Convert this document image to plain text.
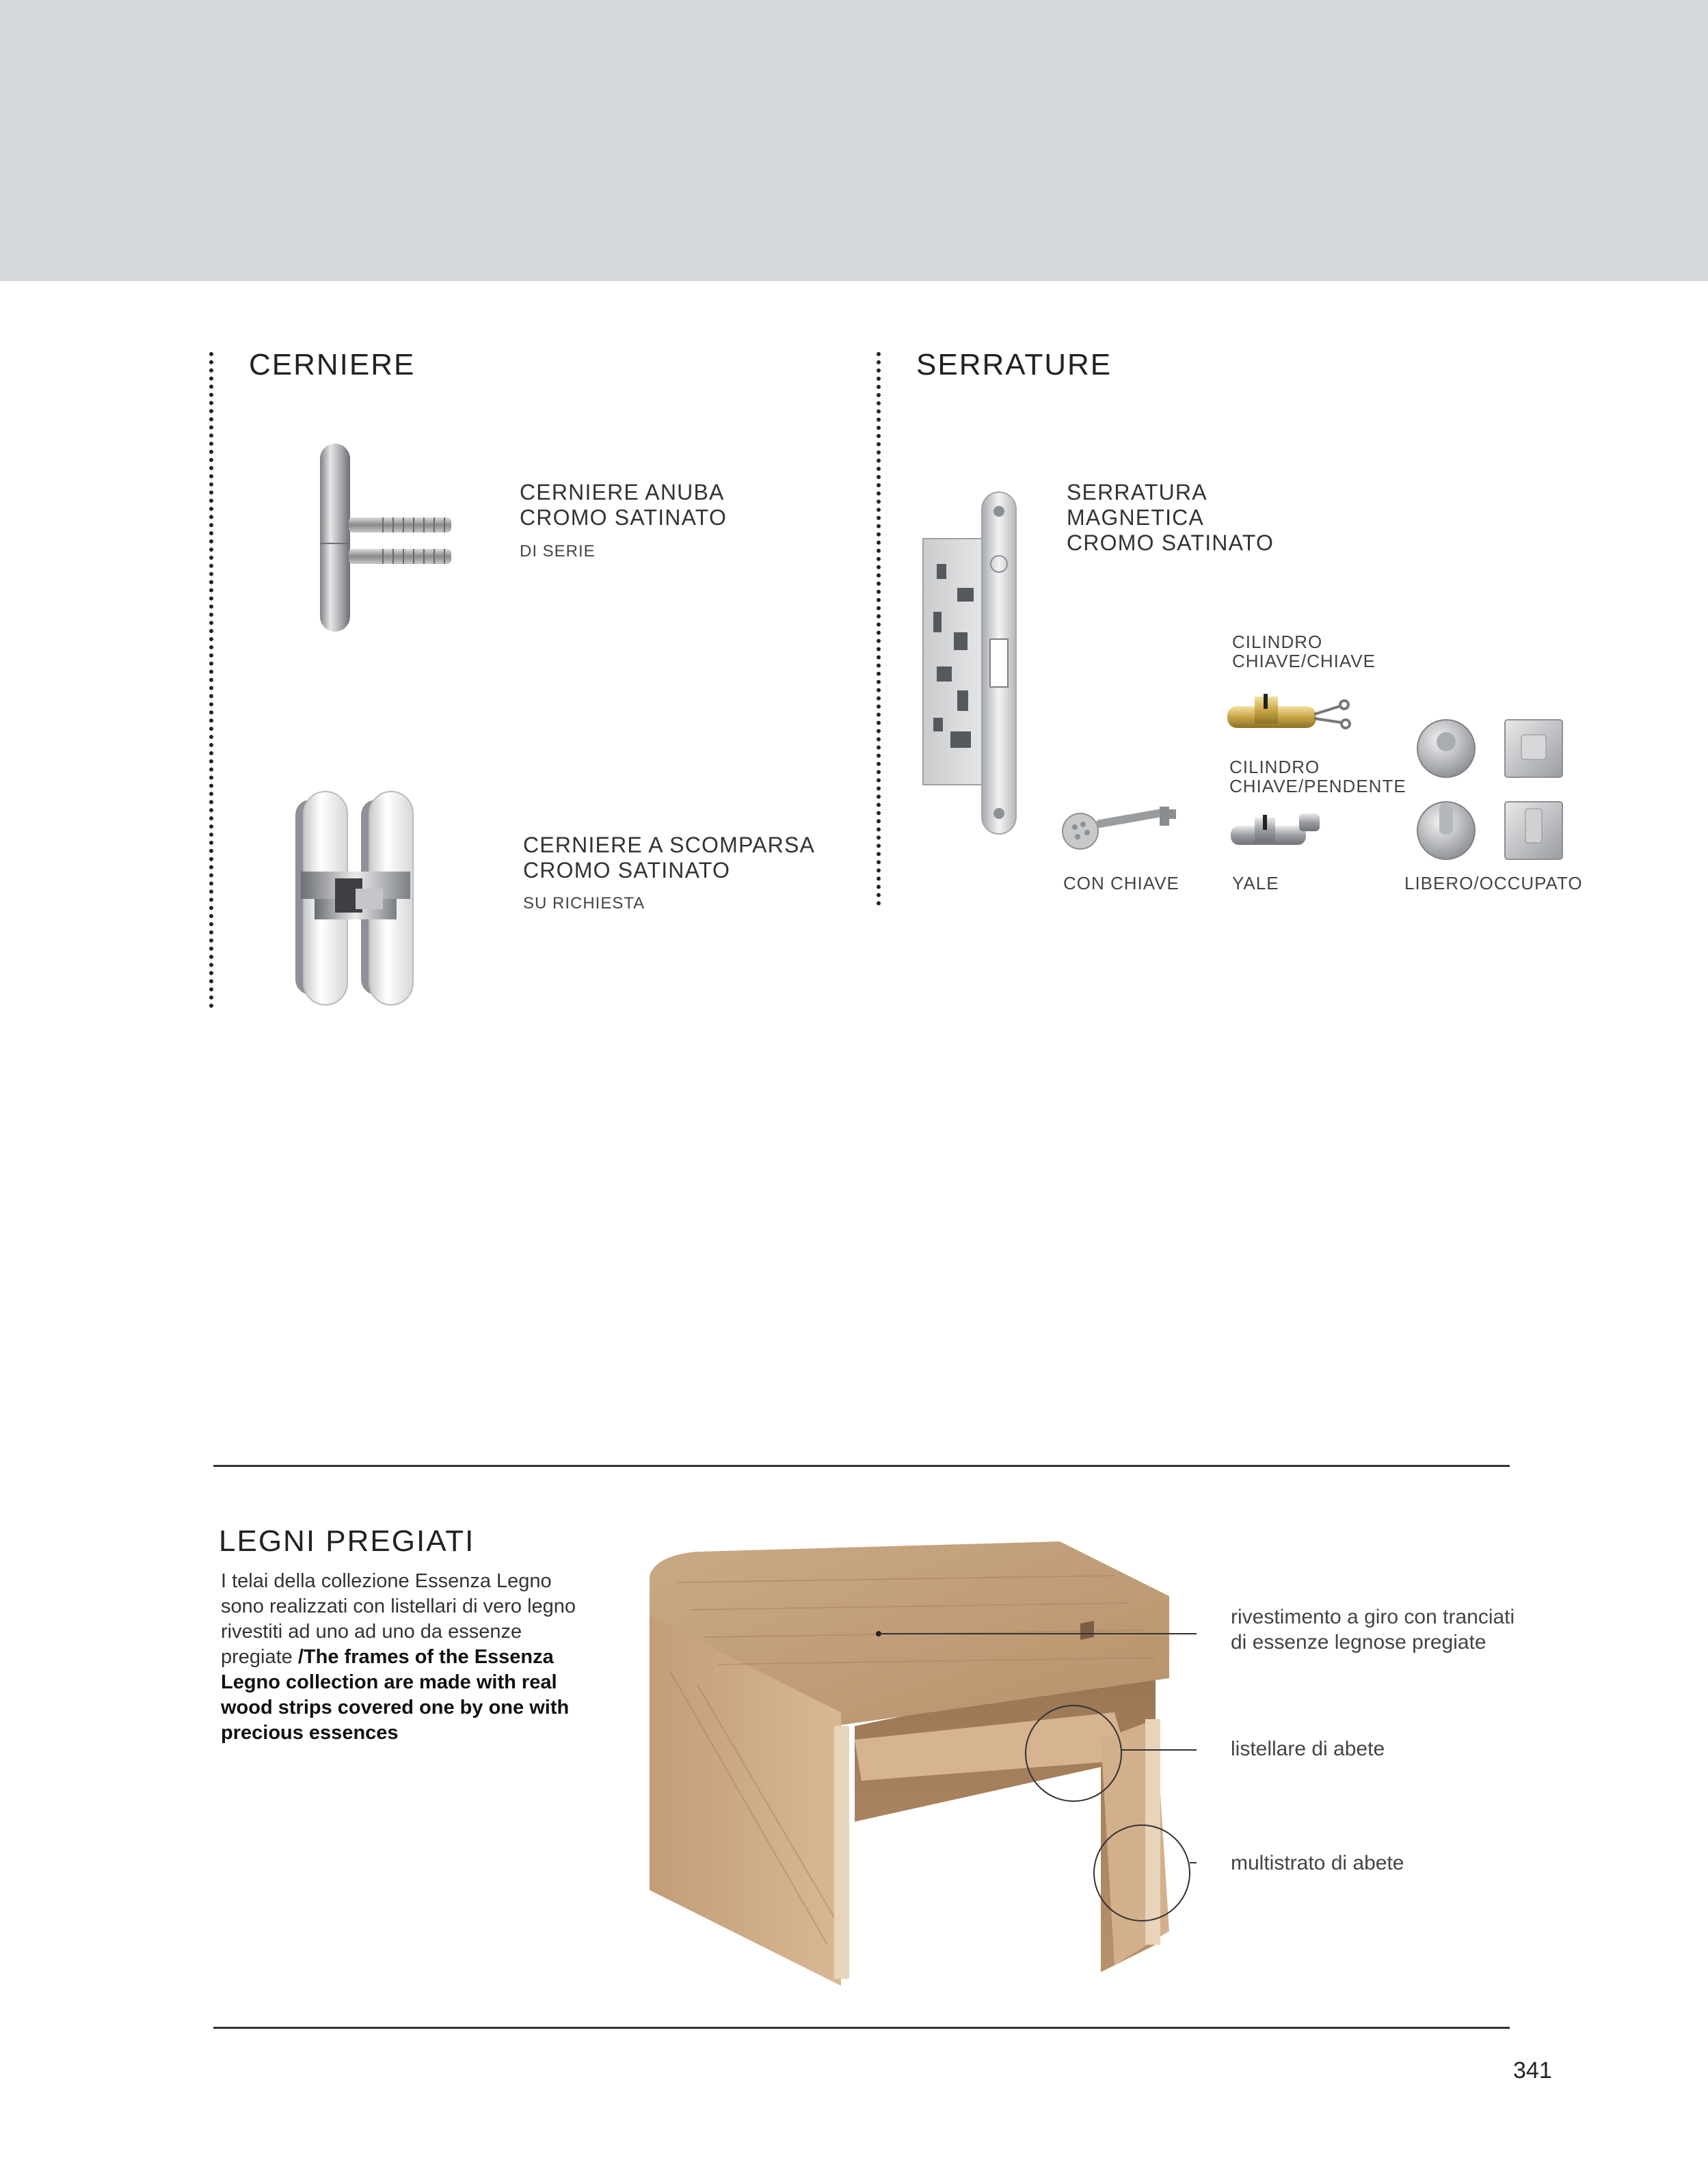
CERNIERE
CERNIERE ANUBA
CROMO SATINATO
DI SERIE
CERNIERE A SCOMPARSA
CROMO SATINATO
SU RICHIESTA
SERRATURE
SERRATURA
MAGNETICA
CROMO SATINATO
CILINDRO
CHIAVE/CHIAVE
CILINDRO
CHIAVE/PENDENTE
CON CHIAVE	YALE	LIBERO/OCCUPATO
LEGNI PREGIATI
I telai della collezione Essenza Legno sono realizzati con listellari di vero legno rivestiti ad uno ad uno da essenze pregiate /The frames of the Essenza Legno collection are made with real wood strips covered one by one with precious essences
rivestimento a giro con tranciati
di essenze legnose pregiate
listellare di abete
multistrato di abete
341
